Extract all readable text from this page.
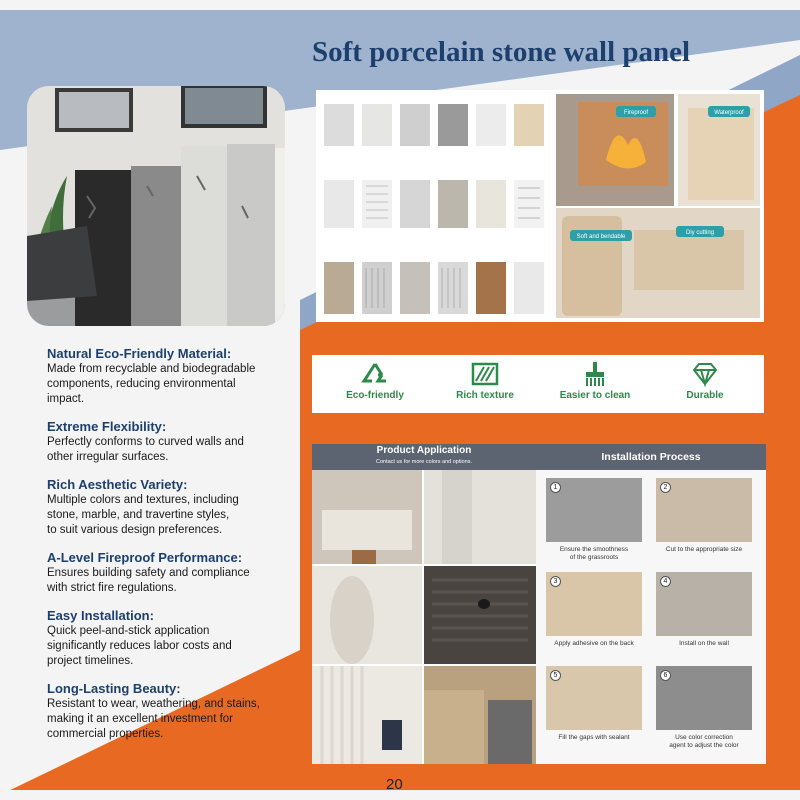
Soft porcelain stone wall panel
Fireproof	Waterproof
Soft and bendable
Diy cutting
Eco-friendly	Rich texture	Easier to clean	Durable
Natural Eco-Friendly Material:
Made from recyclable and biodegradable
components, reducing environmental
impact.
Extreme Flexibility:
Perfectly conforms to curved walls and
other irregular surfaces.
Rich Aesthetic Variety:
Multiple colors and textures, including
stone, marble, and travertine styles,
to suit various design preferences.
A-Level Fireproof Performance:
Ensures building safety and compliance
with strict fire regulations.
Easy Installation:
Quick peel-and-stick application
significantly reduces labor costs and
project timelines.
Long-Lasting Beauty:
Resistant to wear, weathering, and stains,
making it an excellent investment for
commercial properties.
Product Application
Contact us for more colors and options.	Installation Process
1	2
3	4
5	6
Ensure the smoothness
of the grassroots
Cut to the appropriate size
Apply adhesive on the back	Install on the wall
Fill the gaps with sealant	Use color correction
agent to adjust the color
20
